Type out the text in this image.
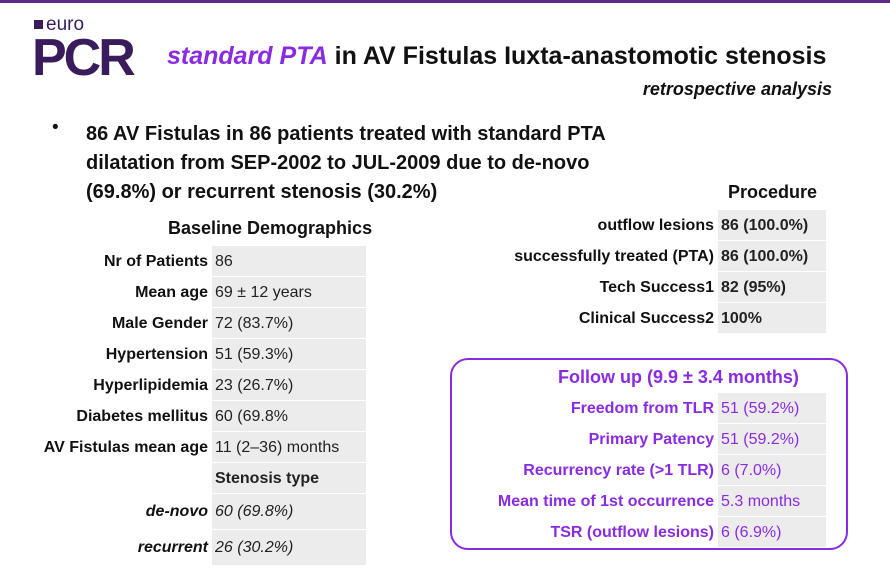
euro
PCR standard PTA in AV Fistulas Iuxta-anastomotic stenosis
retrospective analysis
• 86 AV Fistulas in 86 patients treated with standard PTA dilatation from SEP-2002 to JUL-2009 due to de-novo (69.8%) or recurrent stenosis (30.2%)
Baseline Demographics
Nr of Patients 86
Mean age 69 ± 12 years
Male Gender 72 (83.7%)
Hypertension 51 (59.3%)
Hyperlipidemia 23 (26.7%)
Diabetes mellitus 60 (69.8%
AV Fistulas mean age 11 (2–36) months
Stenosis type
de-novo 60 (69.8%)
recurrent 26 (30.2%)
Procedure
outflow lesions 86 (100.0%)
successfully treated (PTA) 86 (100.0%)
Tech Success1 82 (95%)
Clinical Success2 100%
Follow up (9.9 ± 3.4 months)
Freedom from TLR 51 (59.2%)
Primary Patency 51 (59.2%)
Recurrency rate (>1 TLR) 6 (7.0%)
Mean time of 1st occurrence 5.3 months
TSR (outflow lesions) 6 (6.9%)
